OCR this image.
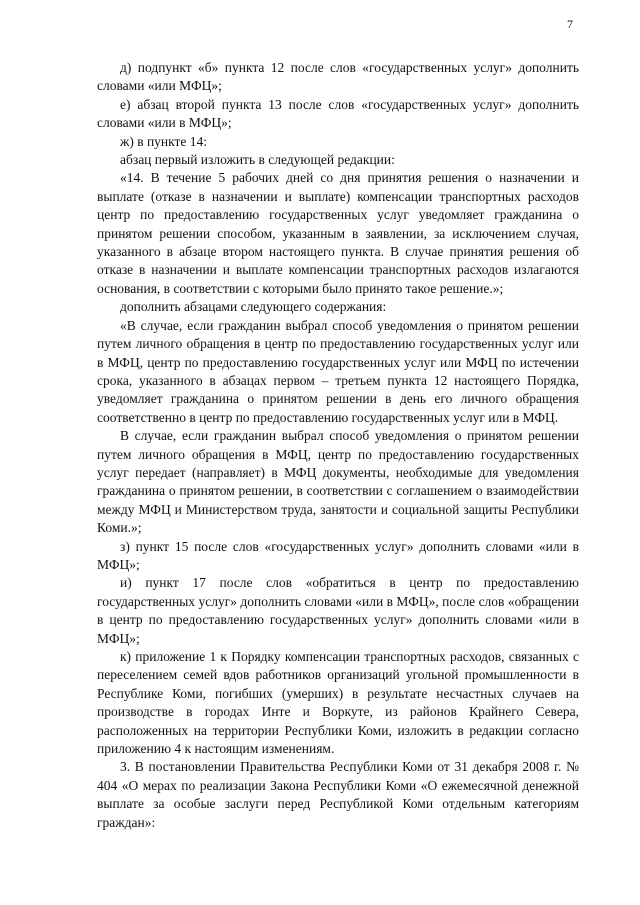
7

д) подпункт «б» пункта 12 после слов «государственных услуг» дополнить словами «или МФЦ»;

е) абзац второй пункта 13 после слов «государственных услуг» дополнить словами «или в МФЦ»;

ж) в пункте 14:

абзац первый изложить в следующей редакции:

«14. В течение 5 рабочих дней со дня принятия решения о назначении и выплате (отказе в назначении и выплате) компенсации транспортных расходов центр по предоставлению государственных услуг уведомляет гражданина о принятом решении способом, указанным в заявлении, за исключением случая, указанного в абзаце втором настоящего пункта. В случае принятия решения об отказе в назначении и выплате компенсации транспортных расходов излагаются основания, в соответствии с которыми было принято такое решение.»;

дополнить абзацами следующего содержания:

«В случае, если гражданин выбрал способ уведомления о принятом решении путем личного обращения в центр по предоставлению государственных услуг или в МФЦ, центр по предоставлению государственных услуг или МФЦ по истечении срока, указанного в абзацах первом – третьем пункта 12 настоящего Порядка, уведомляет гражданина о принятом решении в день его личного обращения соответственно в центр по предоставлению государственных услуг или в МФЦ.

В случае, если гражданин выбрал способ уведомления о принятом решении путем личного обращения в МФЦ, центр по предоставлению государственных услуг передает (направляет) в МФЦ документы, необходимые для уведомления гражданина о принятом решении, в соответствии с соглашением о взаимодействии между МФЦ и Министерством труда, занятости и социальной защиты Республики Коми.»;

з) пункт 15 после слов «государственных услуг» дополнить словами «или в МФЦ»;

и) пункт 17 после слов «обратиться в центр по предоставлению государственных услуг» дополнить словами «или в МФЦ», после слов «обращении в центр по предоставлению государственных услуг» дополнить словами «или в МФЦ»;

к) приложение 1 к Порядку компенсации транспортных расходов, связанных с переселением семей вдов работников организаций угольной промышленности в Республике Коми, погибших (умерших) в результате несчастных случаев на производстве в городах Инте и Воркуте, из районов Крайнего Севера, расположенных на территории Республики Коми, изложить в редакции согласно приложению 4 к настоящим изменениям.

3. В постановлении Правительства Республики Коми от 31 декабря 2008 г. № 404 «О мерах по реализации Закона Республики Коми «О ежемесячной денежной выплате за особые заслуги перед Республикой Коми отдельным категориям граждан»:
